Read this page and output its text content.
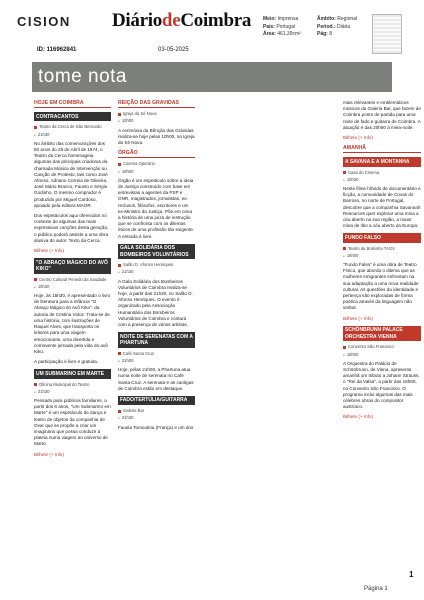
CISION DiáriodeCoimbra Meio: Imprensa
País: Portugal
Área: 461,39cm²
Âmbito: Regional
Period.: Diária
Pág: 8
ID: 116962841	03-05-2025
tome nota
HOJE EM COIMBRA
CONTRACANTOS
Teatro da Cerca de São Bernardo
● 21h30

No âmbito das comemorações dos 50 anos do 25 de Abril de 1974, o Teatro da Cerca homenageia algumas das principais criadoras da chamada Música de Intervenção ou Canção de Protesto, tais como José Afonso, Adriano Correia de Oliveira, José Mário Branco, Fausto e Sérgio Godinho. O mesmo comprador é produzido por Miguel Cardoso, apoiado pela editora MAOR.

Dos espetáculos aqui oferecidos no contexto de algumas das mais expressivas canções desta geração, o público poderá assistir a uma obra alusiva do autor. Texto da Cerca.

Bilhete (+ Info)

"O ABRAÇO MÁGICO DO AVÔ KIKO"
Centro Cultural Penedo da Saudade
● 15h30

Hoje, às 15h30, é apresentado o livro de literatura para a infância "O Abraço Mágico do Avô Kiko", da autoria de Cristina Vidoz. Trata-se de uma história, com ilustrações de Raquel Alves, que transporta os leitores para uma viagem emocionante, uma divertida e comovente jornada pela vida do avô Kiko.

A participação é livre e gratuita.

UM SUBMARINO EM MARTE
Oficina Municipal do Teatro
● 21h30

Pensado para públicos familiares, a partir dos 6 anos, "Um Submarino em Marte" é um espetáculo de dança e teatro de objetos da companhia de Ovar que se propõe a criar um imaginário que possa conduzir à plateia numa viagem ao universo de Marte.

Bilhete (+ Info)

REIÇÃO DAS GRAVIDAS
Igreja da Sé Nova
● 10h00

A cerimónia da Bênção das Grávidas realiza-se hoje pelas 10h00, na Igreja da Sé Nova.

ÓRGÃO
Cinema Operário
● 19h00

Órgão é um espetáculo sobre a ideia de Justiça construído com base em entrevistas a agentes da PSP e GNR, magistrados, jornalistas, ex-reclusos, filósofos, escritores e um ex-Ministro da Justiça. Põe em cena a história de uma juíza de instrução que se confronta com os dilemas éticos de uma profissão tão exigente. A entrada é livre.

GALA SOLIDÁRIA DOS BOMBEIROS VOLUNTÁRIOS
Salão D. Afonso Henriques
● 21h30

A Gala Solidária dos Bombeiros Voluntários de Coimbra realiza-se hoje, a partir das 21h30, no Salão D. Afonso Henriques. O evento é organizado pela Associação Humanitária dos Bombeiros Voluntários de Coimbra e contará com a presença de vários artistas.

NOITE DE SERENATAS COM A PHARTUNA
Café Santa Cruz
● 21h00

Hoje, pelas 21h00, a Phartuna atua numa noite de serenata no Café Santa Cruz. A serenata e as cantigas de Coimbra estão em destaque.

FADO/TERTÚLIA/GUITARRA
Galeria Bar
● 21h30

Fausta Tomoutina (França) e um dos

mais relevantes e emblemáticos músicos da Galeria Bar, que fazem de Coimbra ponto de partida para uma noite de fado e guitarra de Coimbra. A atuação é das 20h00 à meia-noite.

Bilhete (+ Info)

AMANHÃ
A SAVANA E A MONTANHA
Casa do Cinema
● 10h30

Neste filme híbrido de documentário e ficção, a comunidade de Covas do Barroso, no norte de Portugal, descobre que a companhia Savannah Resources quer explorar uma mina a céu aberto na sua região, a maior mina de lítio a céu aberto da Europa.

FUNDO FALSO
Teatro da Bolsinha TAGV
● 16h00

"Fundo Falso" é uma obra de Teatro Físico, que aborda o dilema que as mulheres emigrantes enfrentam na sua adaptação a uma nova realidade cultural. As questões da identidade e pertença são exploradas de forma poética através da linguagem não verbal.

Bilhete (+ Info)

SCHÖNBRUNN PALACE ORCHESTRA VIENNA
Convento São Francisco
● 18h00

A Orquestra do Palácio de Schönbrunn, de Viena, apresenta amanhã um tributo a Johann Strauss, o "Rei da Valsa", a partir das 18h00, no Convento São Francisco. O programa inclui algumas das mais célebres obras do compositor austríaco.

Bilhete (+ Info)

1
Página 1
